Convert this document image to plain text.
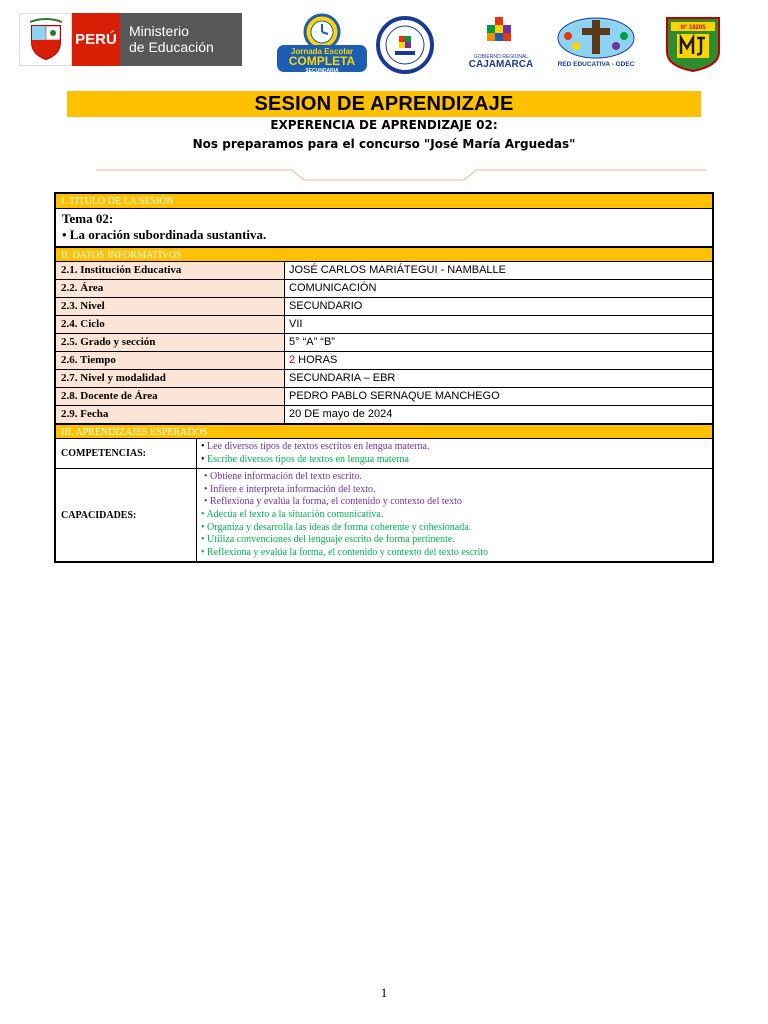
PERÚ Ministerio
de Educación	Jornada Escolar
COMPLETA
SECUNDARIA
GOBIERNO REGIONAL
CAJAMARCA	RED EDUCATIVA - GDEC
N° 16205
SESION DE APRENDIZAJE
EXPERENCIA DE APRENDIZAJE 02:
Nos preparamos para el concurso "José María Arguedas"
I. TITULO DE LA SESIÓN
Tema 02:
• La oración subordinada sustantiva.
II. DATOS INFORMATIVOS
2.1. Institución Educativa	JOSÉ CARLOS MARIÁTEGUI - NAMBALLE
2.2. Área	COMUNICACIÓN
2.3. Nivel	SECUNDARIO
2.4. Ciclo	VII
2.5. Grado y sección	5° “A” “B”
2.6. Tiempo	2 HORAS
2.7. Nivel y modalidad	SECUNDARIA – EBR
2.8. Docente de Área	PEDRO PABLO SERNAQUE MANCHEGO
2.9. Fecha	20 DE mayo de 2024
III. APRENDIZAJES ESPERADOS
COMPETENCIAS:
• Lee diversos tipos de textos escritos en lengua materna.
• Escribe diversos tipos de textos en lengua materna
CAPACIDADES:
• Obtiene información del texto escrito.
• Infiere e interpreta información del texto.
• Reflexiona y evalúa la forma, el contenido y contexto del texto
• Adecúa el texto a la situación comunicativa.
• Organiza y desarrolla las ideas de forma coherente y cohesionada.
• Utiliza convenciones del lenguaje escrito de forma pertinente.
• Reflexiona y evalúa la forma, el contenido y contexto del texto escrito
1
